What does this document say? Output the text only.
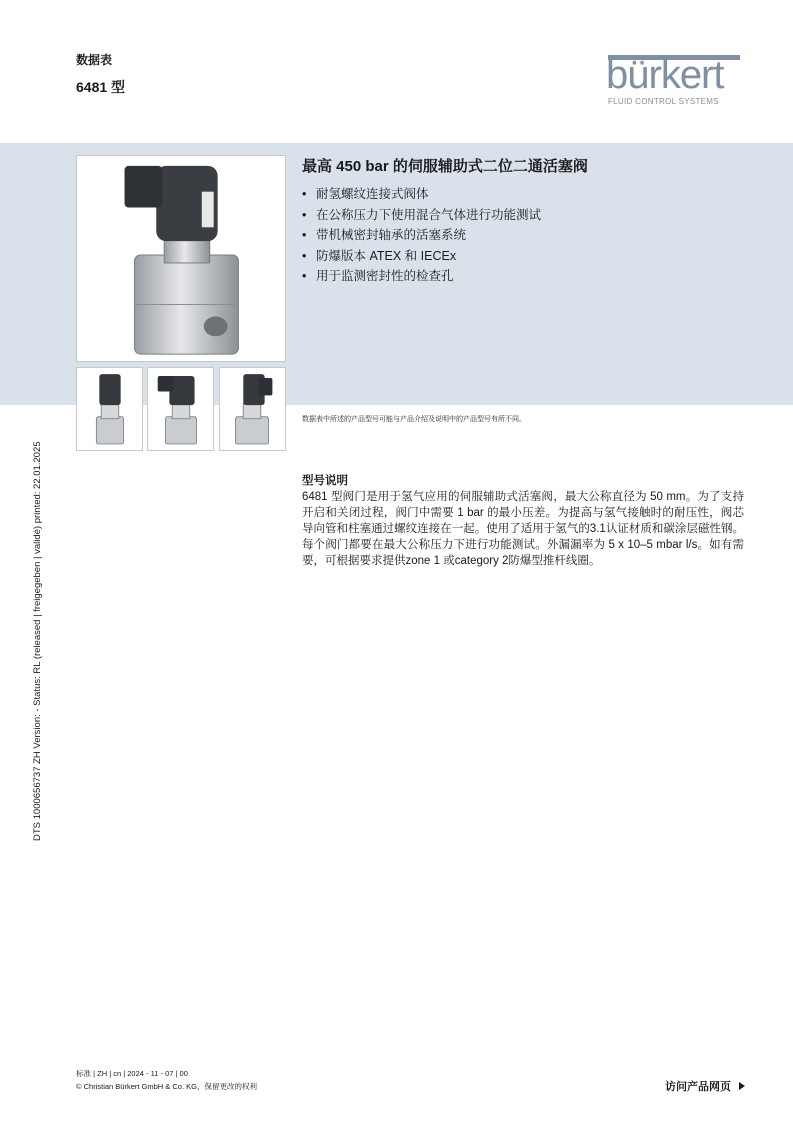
数据表
6481 型	bürkert
FLUID CONTROL SYSTEMS
最高 450 bar 的伺服辅助式二位二通活塞阀
• 耐氢螺纹连接式阀体
• 在公称压力下使用混合气体进行功能测试
• 带机械密封轴承的活塞系统
• 防爆版本 ATEX 和 IECEx
• 用于监测密封性的检查孔
数据表中所述的产品型号可能与产品介绍及说明中的产品型号有所不同。
型号说明

6481 型阀门是用于氢气应用的伺服辅助式活塞阀，最大公称直径为 50 mm。为了支持开启和关闭过程，阀门中需要 1 bar 的最小压差。为提高与氢气接触时的耐压性，阀芯导向管和柱塞通过螺纹连接在一起。使用了适用于氢气的3.1认证材质和碳涂层磁性钢。每个阀门都要在最大公称压力下进行功能测试。外漏漏率为 5 x 10–5 mbar l/s。如有需要，可根据要求提供zone 1 或category 2防爆型推杆线圈。

DTS 1000656737 ZH Version: - Status: RL (released | freigegeben | validé) printed: 22.01.2025
标准 | ZH | cn | 2024 - 11 - 07 | 00
© Christian Bürkert GmbH & Co. KG，保留更改的权利	访问产品网页
